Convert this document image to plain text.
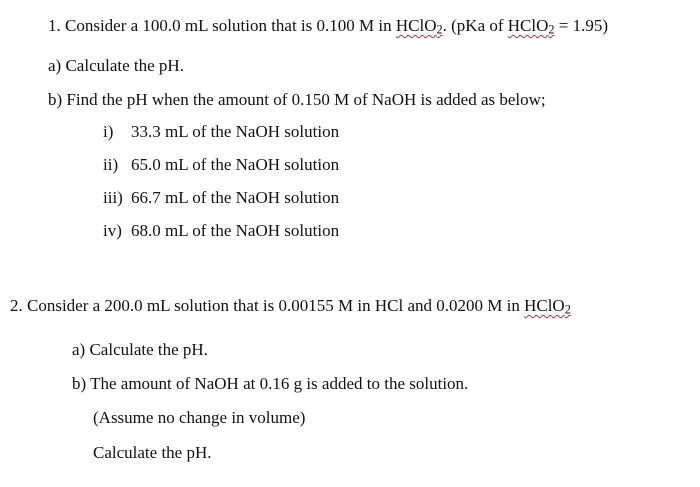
1. Consider a 100.0 mL solution that is 0.100 M in HClO$_2$. (pKa of HClO$_2$ = 1.95)
a) Calculate the pH.
b) Find the pH when the amount of 0.150 M of NaOH is added as below;
i) 33.3 mL of the NaOH solution
ii) 65.0 mL of the NaOH solution
iii) 66.7 mL of the NaOH solution
iv) 68.0 mL of the NaOH solution
2. Consider a 200.0 mL solution that is 0.00155 M in HCl and 0.0200 M in HClO$_2$
a) Calculate the pH.
b) The amount of NaOH at 0.16 g is added to the solution.
(Assume no change in volume)
Calculate the pH.
